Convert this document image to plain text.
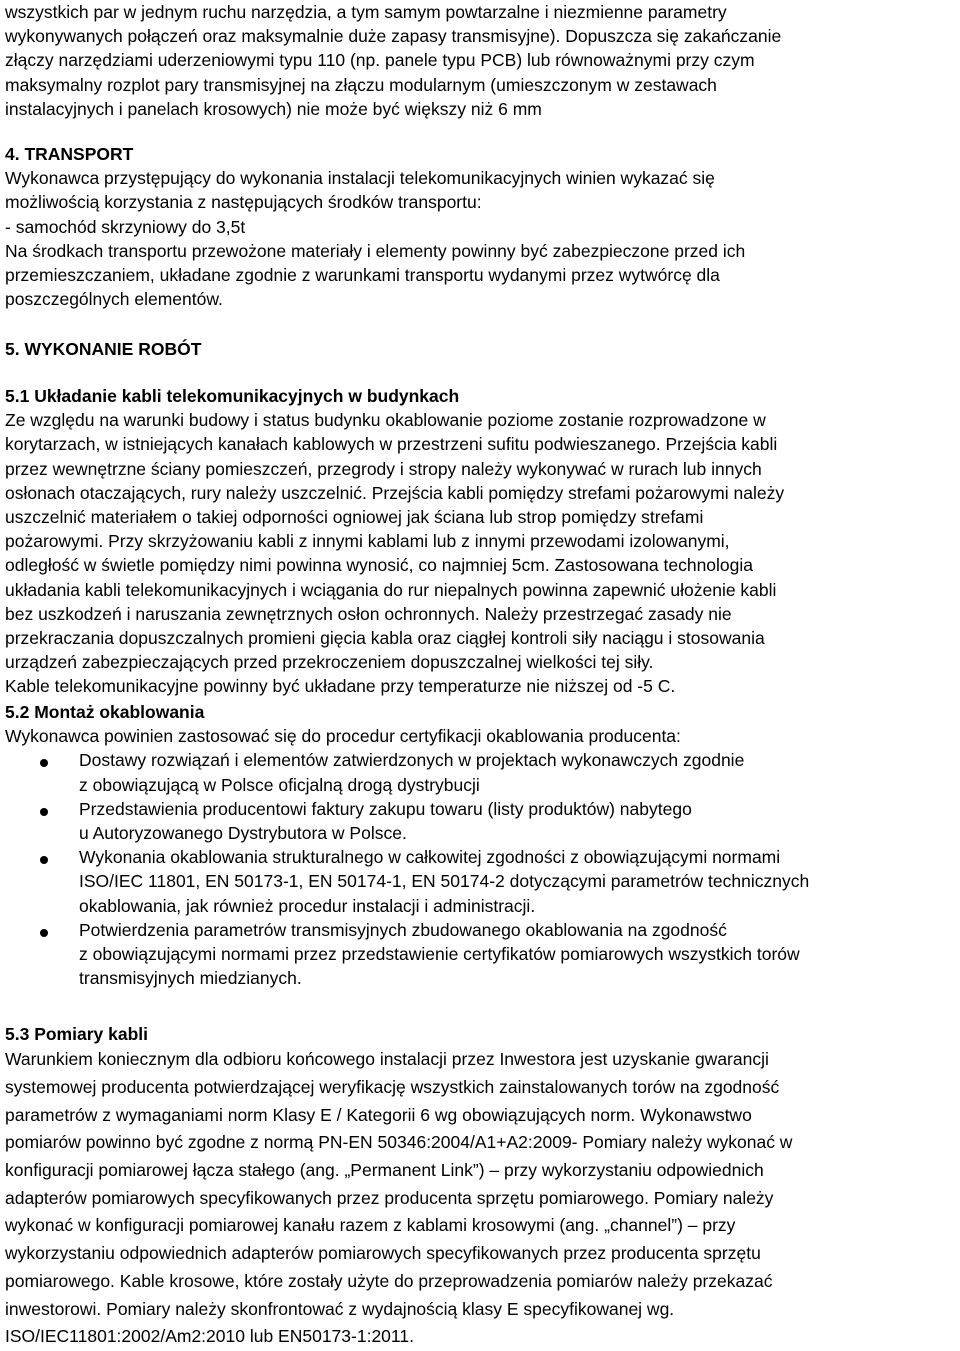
wszystkich par w jednym ruchu narzędzia, a tym samym powtarzalne i niezmienne parametry

wykonywanych połączeń oraz maksymalnie duże zapasy transmisyjne). Dopuszcza się zakańczanie

złączy narzędziami uderzeniowymi typu 110 (np. panele typu PCB) lub równoważnymi przy czym

maksymalny rozplot pary transmisyjnej na złączu modularnym (umieszczonym w zestawach

instalacyjnych i panelach krosowych) nie może być większy niż 6 mm

4. TRANSPORT

Wykonawca przystępujący do wykonania instalacji telekomunikacyjnych winien wykazać się

możliwością korzystania z następujących środków transportu:

- samochód skrzyniowy do 3,5t

Na środkach transportu przewożone materiały i elementy powinny być zabezpieczone przed ich

przemieszczaniem, układane zgodnie z warunkami transportu wydanymi przez wytwórcę dla

poszczególnych elementów.

5. WYKONANIE ROBÓT

5.1 Układanie kabli telekomunikacyjnych w budynkach

Ze względu na warunki budowy i status budynku okablowanie poziome zostanie rozprowadzone w

korytarzach, w istniejących kanałach kablowych w przestrzeni sufitu podwieszanego. Przejścia kabli

przez wewnętrzne ściany pomieszczeń, przegrody i stropy należy wykonywać w rurach lub innych

osłonach otaczających, rury należy uszczelnić. Przejścia kabli pomiędzy strefami pożarowymi należy

uszczelnić materiałem o takiej odporności ogniowej jak ściana lub strop pomiędzy strefami

pożarowymi. Przy skrzyżowaniu kabli z innymi kablami lub z innymi przewodami izolowanymi,

odległość w świetle pomiędzy nimi powinna wynosić, co najmniej 5cm. Zastosowana technologia

układania kabli telekomunikacyjnych i wciągania do rur niepalnych powinna zapewnić ułożenie kabli

bez uszkodzeń i naruszania zewnętrznych osłon ochronnych. Należy przestrzegać zasady nie

przekraczania dopuszczalnych promieni gięcia kabla oraz ciągłej kontroli siły naciągu i stosowania

urządzeń zabezpieczających przed przekroczeniem dopuszczalnej wielkości tej siły.

Kable telekomunikacyjne powinny być układane przy temperaturze nie niższej od -5 C.

5.2 Montaż okablowania

Wykonawca powinien zastosować się do procedur certyfikacji okablowania producenta:

Dostawy rozwiązań i elementów zatwierdzonych w projektach wykonawczych zgodnie

z obowiązującą w Polsce oficjalną drogą dystrybucji

Przedstawienia producentowi faktury zakupu towaru (listy produktów) nabytego

u Autoryzowanego Dystrybutora w Polsce.

Wykonania okablowania strukturalnego w całkowitej zgodności z obowiązującymi normami

ISO/IEC 11801, EN 50173-1, EN 50174-1, EN 50174-2 dotyczącymi parametrów technicznych

okablowania, jak również procedur instalacji i administracji.

Potwierdzenia parametrów transmisyjnych zbudowanego okablowania na zgodność

z obowiązującymi normami przez przedstawienie certyfikatów pomiarowych wszystkich torów

transmisyjnych miedzianych.

5.3 Pomiary kabli

Warunkiem koniecznym dla odbioru końcowego instalacji przez Inwestora jest uzyskanie gwarancji

systemowej producenta potwierdzającej weryfikację wszystkich zainstalowanych torów na zgodność

parametrów z wymaganiami norm Klasy E / Kategorii 6 wg obowiązujących norm. Wykonawstwo

pomiarów powinno być zgodne z normą PN-EN 50346:2004/A1+A2:2009- Pomiary należy wykonać w

konfiguracji pomiarowej łącza stałego (ang. „Permanent Link”) – przy wykorzystaniu odpowiednich

adapterów pomiarowych specyfikowanych przez producenta sprzętu pomiarowego. Pomiary należy

wykonać w konfiguracji pomiarowej kanału razem z kablami krosowymi (ang. „channel”) – przy

wykorzystaniu odpowiednich adapterów pomiarowych specyfikowanych przez producenta sprzętu

pomiarowego. Kable krosowe, które zostały użyte do przeprowadzenia pomiarów należy przekazać

inwestorowi. Pomiary należy skonfrontować z wydajnością klasy E specyfikowanej wg.

ISO/IEC11801:2002/Am2:2010 lub EN50173-1:2011.
